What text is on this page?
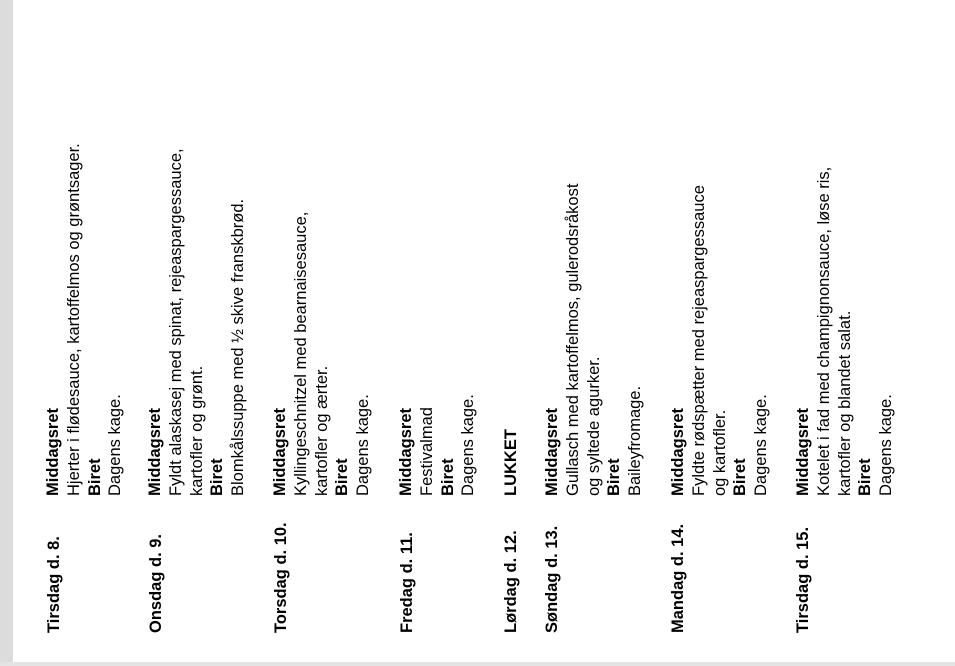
Tirsdag d. 8.
Middagsret Hjerter i flødesauce, kartoffelmos og grøntsager. Biret Dagens kage.
Onsdag d. 9.
Middagsret Fyldt alaskasej med spinat, rejeaspargessauce, kartofler og grønt. Biret Blomkålssuppe med ½ skive franskbrød.
Torsdag d. 10.
Middagsret Kyllingeschnitzel med bearnaisesauce, kartofler og ærter. Biret Dagens kage.
Fredag d. 11.
Middagsret Festivalmad Biret Dagens kage.
Lørdag d. 12.
LUKKET
Søndag d. 13.
Middagsret Gullasch med kartoffelmos, gulerodsråkost og syltede agurker. Biret Baileyfromage.
Mandag d. 14.
Middagsret Fyldte rødspætter med rejeaspargessauce og kartofler. Biret Dagens kage.
Tirsdag d. 15.
Middagsret Kotelet i fad med champignonsauce, løse ris, kartofler og blandet salat. Biret Dagens kage.
